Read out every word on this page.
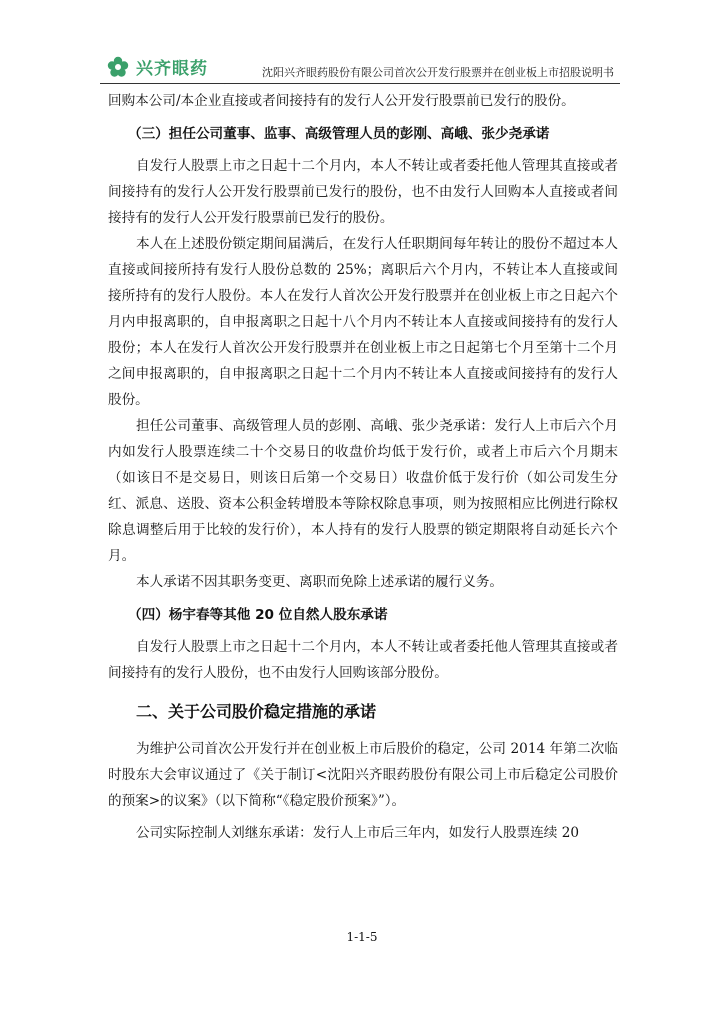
兴齐眼药	沈阳兴齐眼药股份有限公司首次公开发行股票并在创业板上市招股说明书

回购本公司/本企业直接或者间接持有的发行人公开发行股票前已发行的股份。

（三）担任公司董事、监事、高级管理人员的彭刚、高峨、张少尧承诺

自发行人股票上市之日起十二个月内，本人不转让或者委托他人管理其直接或者间接持有的发行人公开发行股票前已发行的股份，也不由发行人回购本人直接或者间接持有的发行人公开发行股票前已发行的股份。

本人在上述股份锁定期间届满后，在发行人任职期间每年转让的股份不超过本人直接或间接所持有发行人股份总数的 25%；离职后六个月内，不转让本人直接或间接所持有的发行人股份。本人在发行人首次公开发行股票并在创业板上市之日起六个月内申报离职的，自申报离职之日起十八个月内不转让本人直接或间接持有的发行人股份；本人在发行人首次公开发行股票并在创业板上市之日起第七个月至第十二个月之间申报离职的，自申报离职之日起十二个月内不转让本人直接或间接持有的发行人股份。

担任公司董事、高级管理人员的彭刚、高峨、张少尧承诺：发行人上市后六个月内如发行人股票连续二十个交易日的收盘价均低于发行价，或者上市后六个月期末（如该日不是交易日，则该日后第一个交易日）收盘价低于发行价（如公司发生分红、派息、送股、资本公积金转增股本等除权除息事项，则为按照相应比例进行除权除息调整后用于比较的发行价），本人持有的发行人股票的锁定期限将自动延长六个月。

本人承诺不因其职务变更、离职而免除上述承诺的履行义务。

（四）杨宇春等其他 20 位自然人股东承诺

自发行人股票上市之日起十二个月内，本人不转让或者委托他人管理其直接或者间接持有的发行人股份，也不由发行人回购该部分股份。

二、关于公司股价稳定措施的承诺

为维护公司首次公开发行并在创业板上市后股价的稳定，公司 2014 年第二次临时股东大会审议通过了《关于制订<沈阳兴齐眼药股份有限公司上市后稳定公司股价的预案>的议案》（以下简称“《稳定股价预案》”）。

公司实际控制人刘继东承诺：发行人上市后三年内，如发行人股票连续 20

1-1-5
